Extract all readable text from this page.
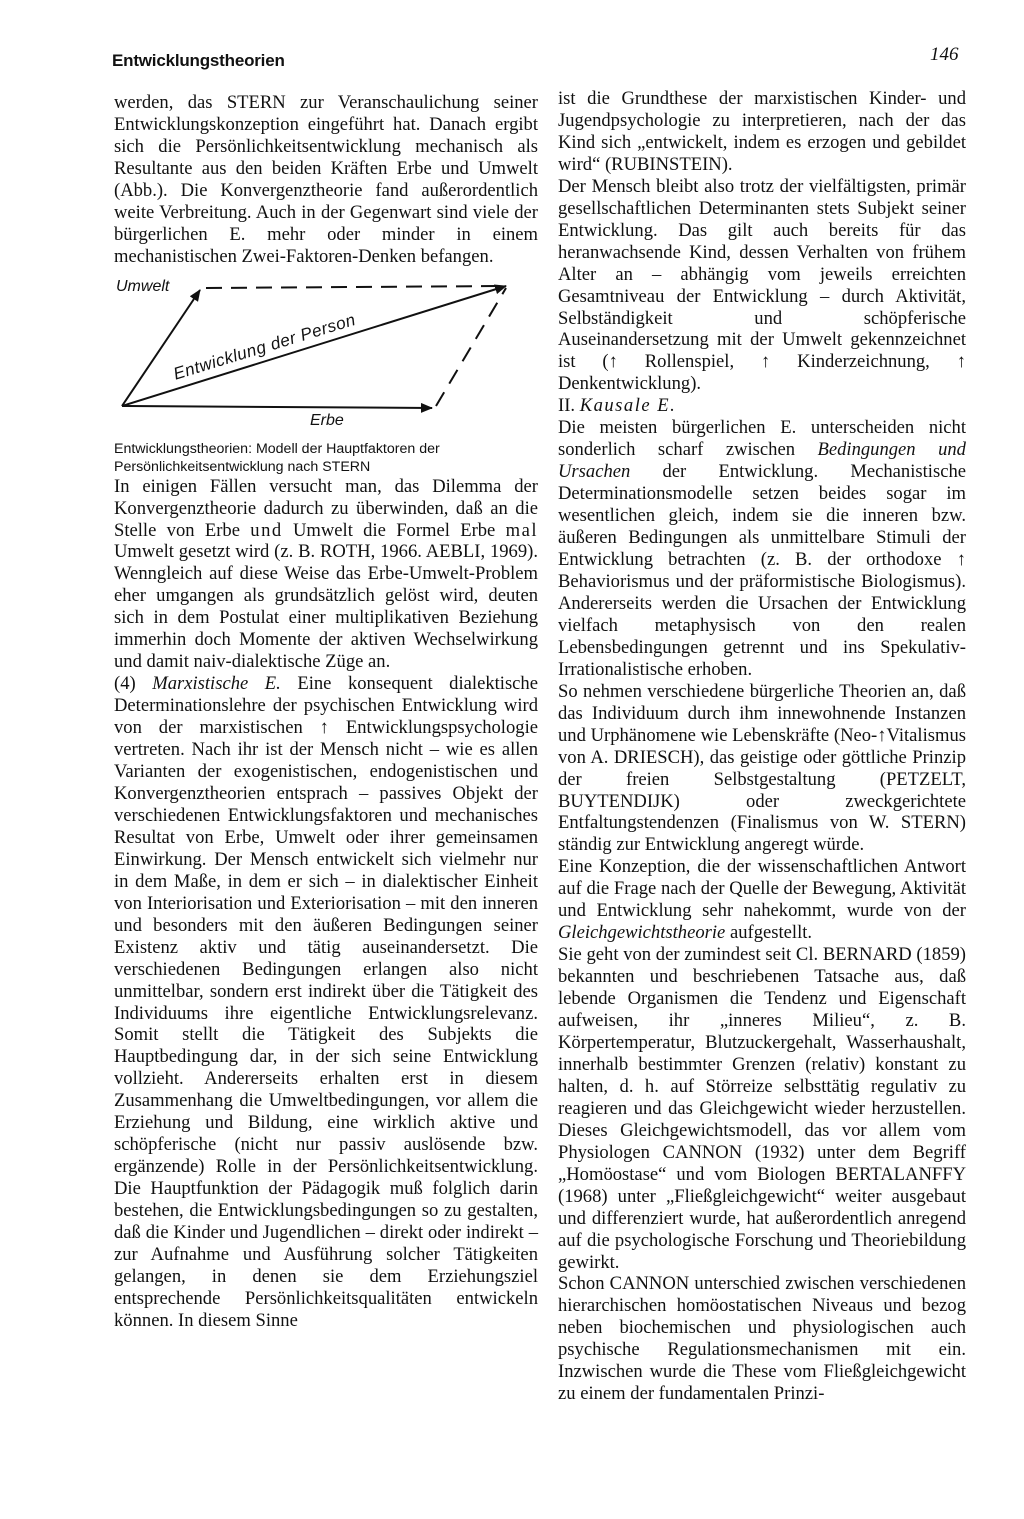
Entwicklungstheorien	146

werden, das STERN zur Veranschaulichung seiner Entwicklungskonzeption eingeführt hat. Danach ergibt sich die Persönlichkeitsentwicklung mechanisch als Resultante aus den beiden Kräften Erbe und Umwelt (Abb.). Die Konvergenztheorie fand außerordentlich weite Verbreitung. Auch in der Gegenwart sind viele der bürgerlichen E. mehr oder minder in einem mechanistischen Zwei-Faktoren-Denken befangen.

Umwelt
Entwicklung der Person
Erbe

Entwicklungstheorien: Modell der Hauptfaktoren der Persönlichkeitsentwicklung nach STERN

In einigen Fällen versucht man, das Dilemma der Konvergenztheorie dadurch zu überwinden, daß an die Stelle von Erbe und Umwelt die Formel Erbe mal Umwelt gesetzt wird (z. B. ROTH, 1966. AEBLI, 1969). Wenngleich auf diese Weise das Erbe-Umwelt-Problem eher umgangen als grundsätzlich gelöst wird, deuten sich in dem Postulat einer multiplikativen Beziehung immerhin doch Momente der aktiven Wechselwirkung und damit naiv-dialektische Züge an.

(4) Marxistische E. Eine konsequent dialektische Determinationslehre der psychischen Entwicklung wird von der marxistischen ↑ Entwicklungspsychologie vertreten. Nach ihr ist der Mensch nicht – wie es allen Varianten der exogenistischen, endogenistischen und Konvergenztheorien entsprach – passives Objekt der verschiedenen Entwicklungsfaktoren und mechanisches Resultat von Erbe, Umwelt oder ihrer gemeinsamen Einwirkung. Der Mensch entwickelt sich vielmehr nur in dem Maße, in dem er sich – in dialektischer Einheit von Interiorisation und Exteriorisation – mit den inneren und besonders mit den äußeren Bedingungen seiner Existenz aktiv und tätig auseinandersetzt. Die verschiedenen Bedingungen erlangen also nicht unmittelbar, sondern erst indirekt über die Tätigkeit des Individuums ihre eigentliche Entwicklungsrelevanz. Somit stellt die Tätigkeit des Subjekts die Hauptbedingung dar, in der sich seine Entwicklung vollzieht. Andererseits erhalten erst in diesem Zusammenhang die Umweltbedingungen, vor allem die Erziehung und Bildung, eine wirklich aktive und schöpferische (nicht nur passiv auslösende bzw. ergänzende) Rolle in der Persönlichkeitsentwicklung. Die Hauptfunktion der Pädagogik muß folglich darin bestehen, die Entwicklungsbedingungen so zu gestalten, daß die Kinder und Jugendlichen – direkt oder indirekt – zur Aufnahme und Ausführung solcher Tätigkeiten gelangen, in denen sie dem Erziehungsziel entsprechende Persönlichkeitsqualitäten entwickeln können. In diesem Sinne

ist die Grundthese der marxistischen Kinder- und Jugendpsychologie zu interpretieren, nach der das Kind sich „entwickelt, indem es erzogen und gebildet wird“ (RUBINSTEIN).

Der Mensch bleibt also trotz der vielfältigsten, primär gesellschaftlichen Determinanten stets Subjekt seiner Entwicklung. Das gilt auch bereits für das heranwachsende Kind, dessen Verhalten von frühem Alter an – abhängig vom jeweils erreichten Gesamtniveau der Entwicklung – durch Aktivität, Selbständigkeit und schöpferische Auseinandersetzung mit der Umwelt gekennzeichnet ist (↑ Rollenspiel, ↑ Kinderzeichnung, ↑ Denkentwicklung).

II. Kausale E.

Die meisten bürgerlichen E. unterscheiden nicht sonderlich scharf zwischen Bedingungen und Ursachen der Entwicklung. Mechanistische Determinationsmodelle setzen beides sogar im wesentlichen gleich, indem sie die inneren bzw. äußeren Bedingungen als unmittelbare Stimuli der Entwicklung betrachten (z. B. der orthodoxe ↑ Behaviorismus und der präformistische Biologismus). Andererseits werden die Ursachen der Entwicklung vielfach metaphysisch von den realen Lebensbedingungen getrennt und ins Spekulativ-Irrationalistische erhoben.

So nehmen verschiedene bürgerliche Theorien an, daß das Individuum durch ihm innewohnende Instanzen und Urphänomene wie Lebenskräfte (Neo-↑Vitalismus von A. DRIESCH), das geistige oder göttliche Prinzip der freien Selbstgestaltung (PETZELT, BUYTENDIJK) oder zweckgerichtete Entfaltungstendenzen (Finalismus von W. STERN) ständig zur Entwicklung angeregt würde.

Eine Konzeption, die der wissenschaftlichen Antwort auf die Frage nach der Quelle der Bewegung, Aktivität und Entwicklung sehr nahekommt, wurde von der Gleichgewichtstheorie aufgestellt.

Sie geht von der zumindest seit Cl. BERNARD (1859) bekannten und beschriebenen Tatsache aus, daß lebende Organismen die Tendenz und Eigenschaft aufweisen, ihr „inneres Milieu“, z. B. Körpertemperatur, Blutzuckergehalt, Wasserhaushalt, innerhalb bestimmter Grenzen (relativ) konstant zu halten, d. h. auf Störreize selbsttätig regulativ zu reagieren und das Gleichgewicht wieder herzustellen. Dieses Gleichgewichtsmodell, das vor allem vom Physiologen CANNON (1932) unter dem Begriff „Homöostase“ und vom Biologen BERTALANFFY (1968) unter „Fließgleichgewicht“ weiter ausgebaut und differenziert wurde, hat außerordentlich anregend auf die psychologische Forschung und Theoriebildung gewirkt.

Schon CANNON unterschied zwischen verschiedenen hierarchischen homöostatischen Niveaus und bezog neben biochemischen und physiologischen auch psychische Regulationsmechanismen mit ein. Inzwischen wurde die These vom Fließgleichgewicht zu einem der fundamentalen Prinzi-
